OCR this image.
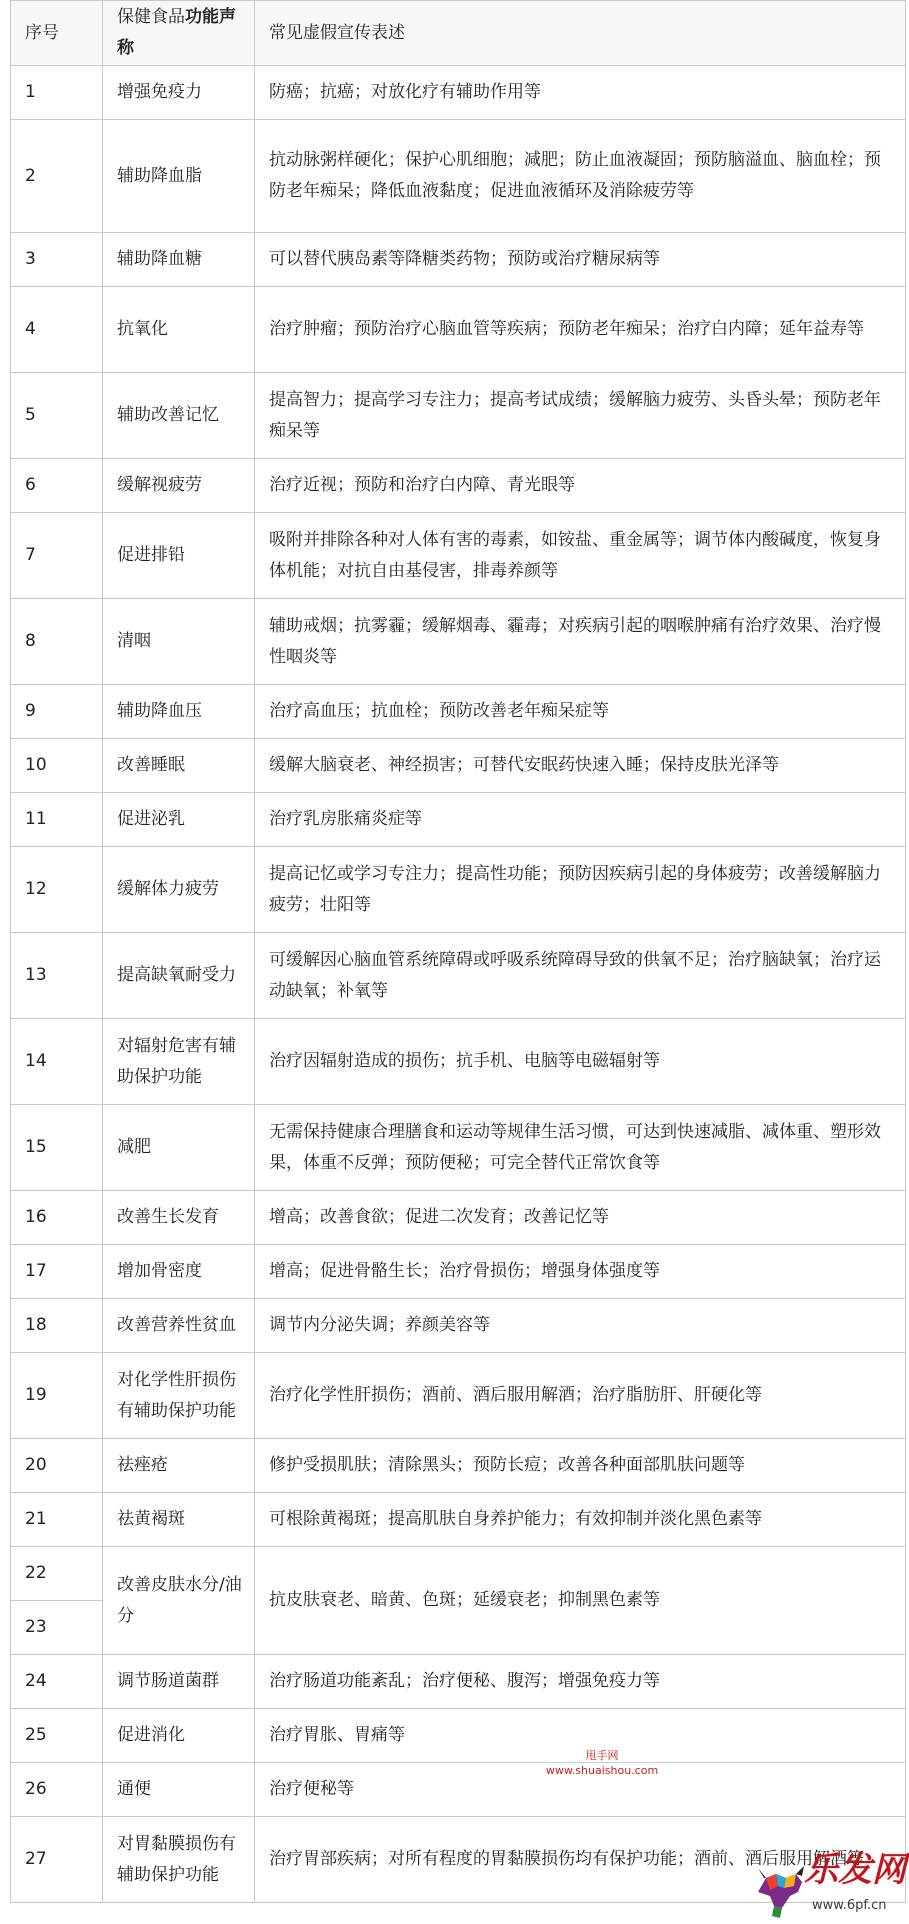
序号	保健食品功能声称	常见虚假宣传表述
1	增强免疫力	防癌；抗癌；对放化疗有辅助作用等
2	辅助降血脂	抗动脉粥样硬化；保护心肌细胞；减肥；防止血液凝固；预防脑溢血、脑血栓；预防老年痴呆；降低血液黏度；促进血液循环及消除疲劳等
3	辅助降血糖	可以替代胰岛素等降糖类药物；预防或治疗糖尿病等
4	抗氧化	治疗肿瘤；预防治疗心脑血管等疾病；预防老年痴呆；治疗白内障；延年益寿等
5	辅助改善记忆	提高智力；提高学习专注力；提高考试成绩；缓解脑力疲劳、头昏头晕；预防老年痴呆等
6	缓解视疲劳	治疗近视；预防和治疗白内障、青光眼等
7	促进排铅	吸附并排除各种对人体有害的毒素，如铵盐、重金属等；调节体内酸碱度，恢复身体机能；对抗自由基侵害，排毒养颜等
8	清咽	辅助戒烟；抗雾霾；缓解烟毒、霾毒；对疾病引起的咽喉肿痛有治疗效果、治疗慢性咽炎等
9	辅助降血压	治疗高血压；抗血栓；预防改善老年痴呆症等
10	改善睡眠	缓解大脑衰老、神经损害；可替代安眠药快速入睡；保持皮肤光泽等
11	促进泌乳	治疗乳房胀痛炎症等
12	缓解体力疲劳	提高记忆或学习专注力；提高性功能；预防因疾病引起的身体疲劳；改善缓解脑力疲劳；壮阳等
13	提高缺氧耐受力	可缓解因心脑血管系统障碍或呼吸系统障碍导致的供氧不足；治疗脑缺氧；治疗运动缺氧；补氧等
14	对辐射危害有辅助保护功能	治疗因辐射造成的损伤；抗手机、电脑等电磁辐射等
15	减肥	无需保持健康合理膳食和运动等规律生活习惯，可达到快速减脂、减体重、塑形效果，体重不反弹；预防便秘；可完全替代正常饮食等
16	改善生长发育	增高；改善食欲；促进二次发育；改善记忆等
17	增加骨密度	增高；促进骨骼生长；治疗骨损伤；增强身体强度等
18	改善营养性贫血	调节内分泌失调；养颜美容等
19	对化学性肝损伤有辅助保护功能	治疗化学性肝损伤；酒前、酒后服用解酒；治疗脂肪肝、肝硬化等
20	祛痤疮	修护受损肌肤；清除黑头；预防长痘；改善各种面部肌肤问题等
21	祛黄褐斑	可根除黄褐斑；提高肌肤自身养护能力；有效抑制并淡化黑色素等
22	改善皮肤水分/油分	抗皮肤衰老、暗黄、色斑；延缓衰老；抑制黑色素等
23		
24	调节肠道菌群	治疗肠道功能紊乱；治疗便秘、腹泻；增强免疫力等
25	促进消化	治疗胃胀、胃痛等
26	通便	治疗便秘等
27	对胃黏膜损伤有辅助保护功能	治疗胃部疾病；对所有程度的胃黏膜损伤均有保护功能；酒前、酒后服用解酒等
甩手网
www.shuaishou.com
乐发网
www.6pf.cn
